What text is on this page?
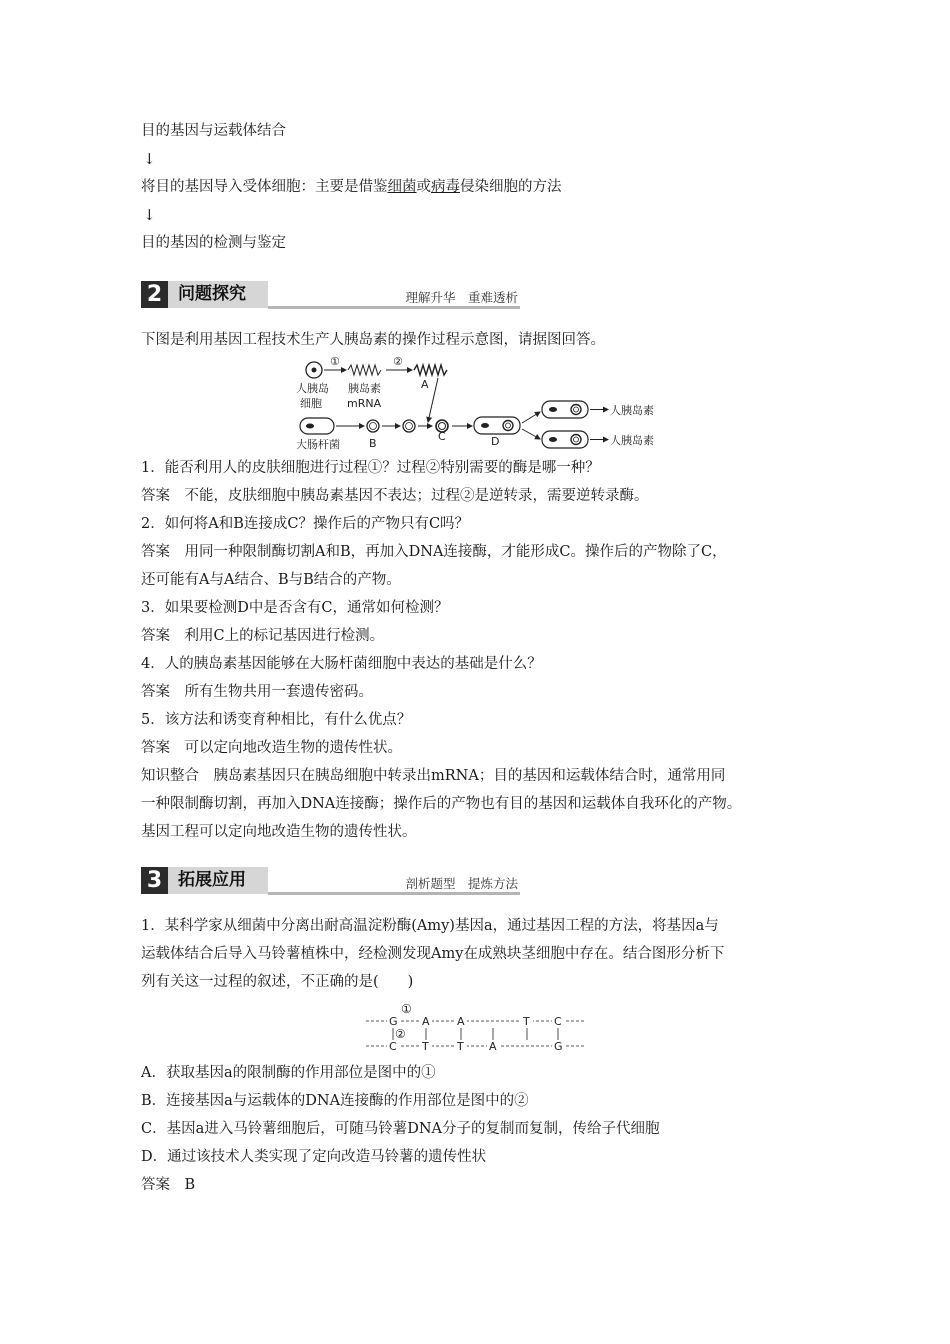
目的基因与运载体结合
↓
将目的基因导入受体细胞：主要是借鉴细菌或病毒侵染细胞的方法
↓
目的基因的检测与鉴定
2 问题探究	理解升华　重难透析
下图是利用基因工程技术生产人胰岛素的操作过程示意图，请据图回答。
①	②
A
人胰岛
细胞
胰岛素
mRNA
大肠杆菌	B
C	D
人胰岛素
人胰岛素
1．能否利用人的皮肤细胞进行过程①？过程②特别需要的酶是哪一种？
答案　不能，皮肤细胞中胰岛素基因不表达；过程②是逆转录，需要逆转录酶。
2．如何将A和B连接成C？操作后的产物只有C吗？
答案　用同一种限制酶切割A和B，再加入DNA连接酶，才能形成C。操作后的产物除了C，
还可能有A与A结合、B与B结合的产物。
3．如果要检测D中是否含有C，通常如何检测？
答案　利用C上的标记基因进行检测。
4．人的胰岛素基因能够在大肠杆菌细胞中表达的基础是什么？
答案　所有生物共用一套遗传密码。
5．该方法和诱变育种相比，有什么优点？
答案　可以定向地改造生物的遗传性状。
知识整合　胰岛素基因只在胰岛细胞中转录出mRNA；目的基因和运载体结合时，通常用同
一种限制酶切割，再加入DNA连接酶；操作后的产物也有目的基因和运载体自我环化的产物。
基因工程可以定向地改造生物的遗传性状。
3 拓展应用	剖析题型　提炼方法
1．某科学家从细菌中分离出耐高温淀粉酶(Amy)基因a，通过基因工程的方法，将基因a与
运载体结合后导入马铃薯植株中，经检测发现Amy在成熟块茎细胞中存在。结合图形分析下
列有关这一过程的叙述，不正确的是(　　)
G A A	T C
C T	T A	G
①
②
A．获取基因a的限制酶的作用部位是图中的①
B．连接基因a与运载体的DNA连接酶的作用部位是图中的②
C．基因a进入马铃薯细胞后，可随马铃薯DNA分子的复制而复制，传给子代细胞
D．通过该技术人类实现了定向改造马铃薯的遗传性状
答案　B
